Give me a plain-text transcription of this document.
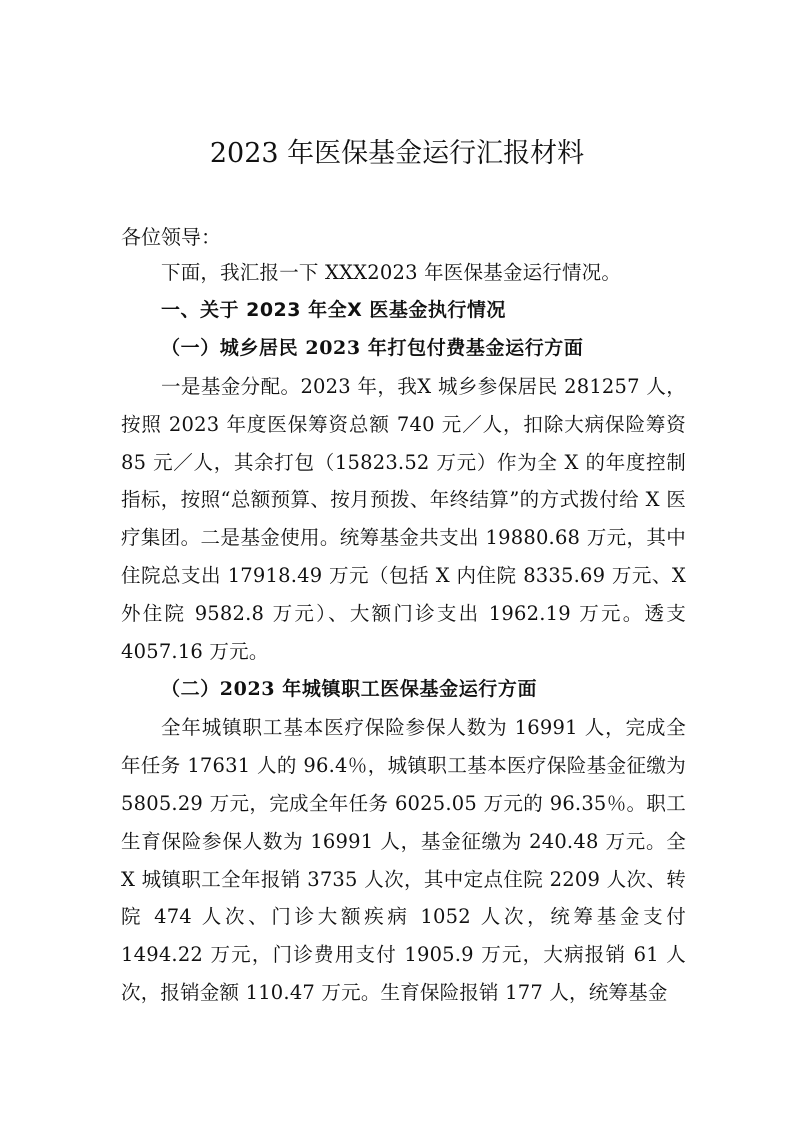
2023 年医保基金运行汇报材料

各位领导：

下面，我汇报一下 XXX2023 年医保基金运行情况。

一、关于 2023 年全X 医基金执行情况

（一）城乡居民 2023 年打包付费基金运行方面

一是基金分配。2023 年，我X 城乡参保居民 281257 人，按照 2023 年度医保筹资总额 740 元／人，扣除大病保险筹资 85 元／人，其余打包（15823.52 万元）作为全 X 的年度控制指标，按照“总额预算、按月预拨、年终结算”的方式拨付给 X 医疗集团。二是基金使用。统筹基金共支出 19880.68 万元，其中住院总支出 17918.49 万元（包括 X 内住院 8335.69 万元、X 外住院 9582.8 万元）、大额门诊支出 1962.19 万元。透支 4057.16 万元。

（二）2023 年城镇职工医保基金运行方面

全年城镇职工基本医疗保险参保人数为 16991 人，完成全年任务 17631 人的 96.4％，城镇职工基本医疗保险基金征缴为 5805.29 万元，完成全年任务 6025.05 万元的 96.35％。职工生育保险参保人数为 16991 人，基金征缴为 240.48 万元。全 X 城镇职工全年报销 3735 人次，其中定点住院 2209 人次、转院 474 人次、门诊大额疾病 1052 人次，统筹基金支付 1494.22 万元，门诊费用支付 1905.9 万元，大病报销 61 人次，报销金额 110.47 万元。生育保险报销 177 人，统筹基金
